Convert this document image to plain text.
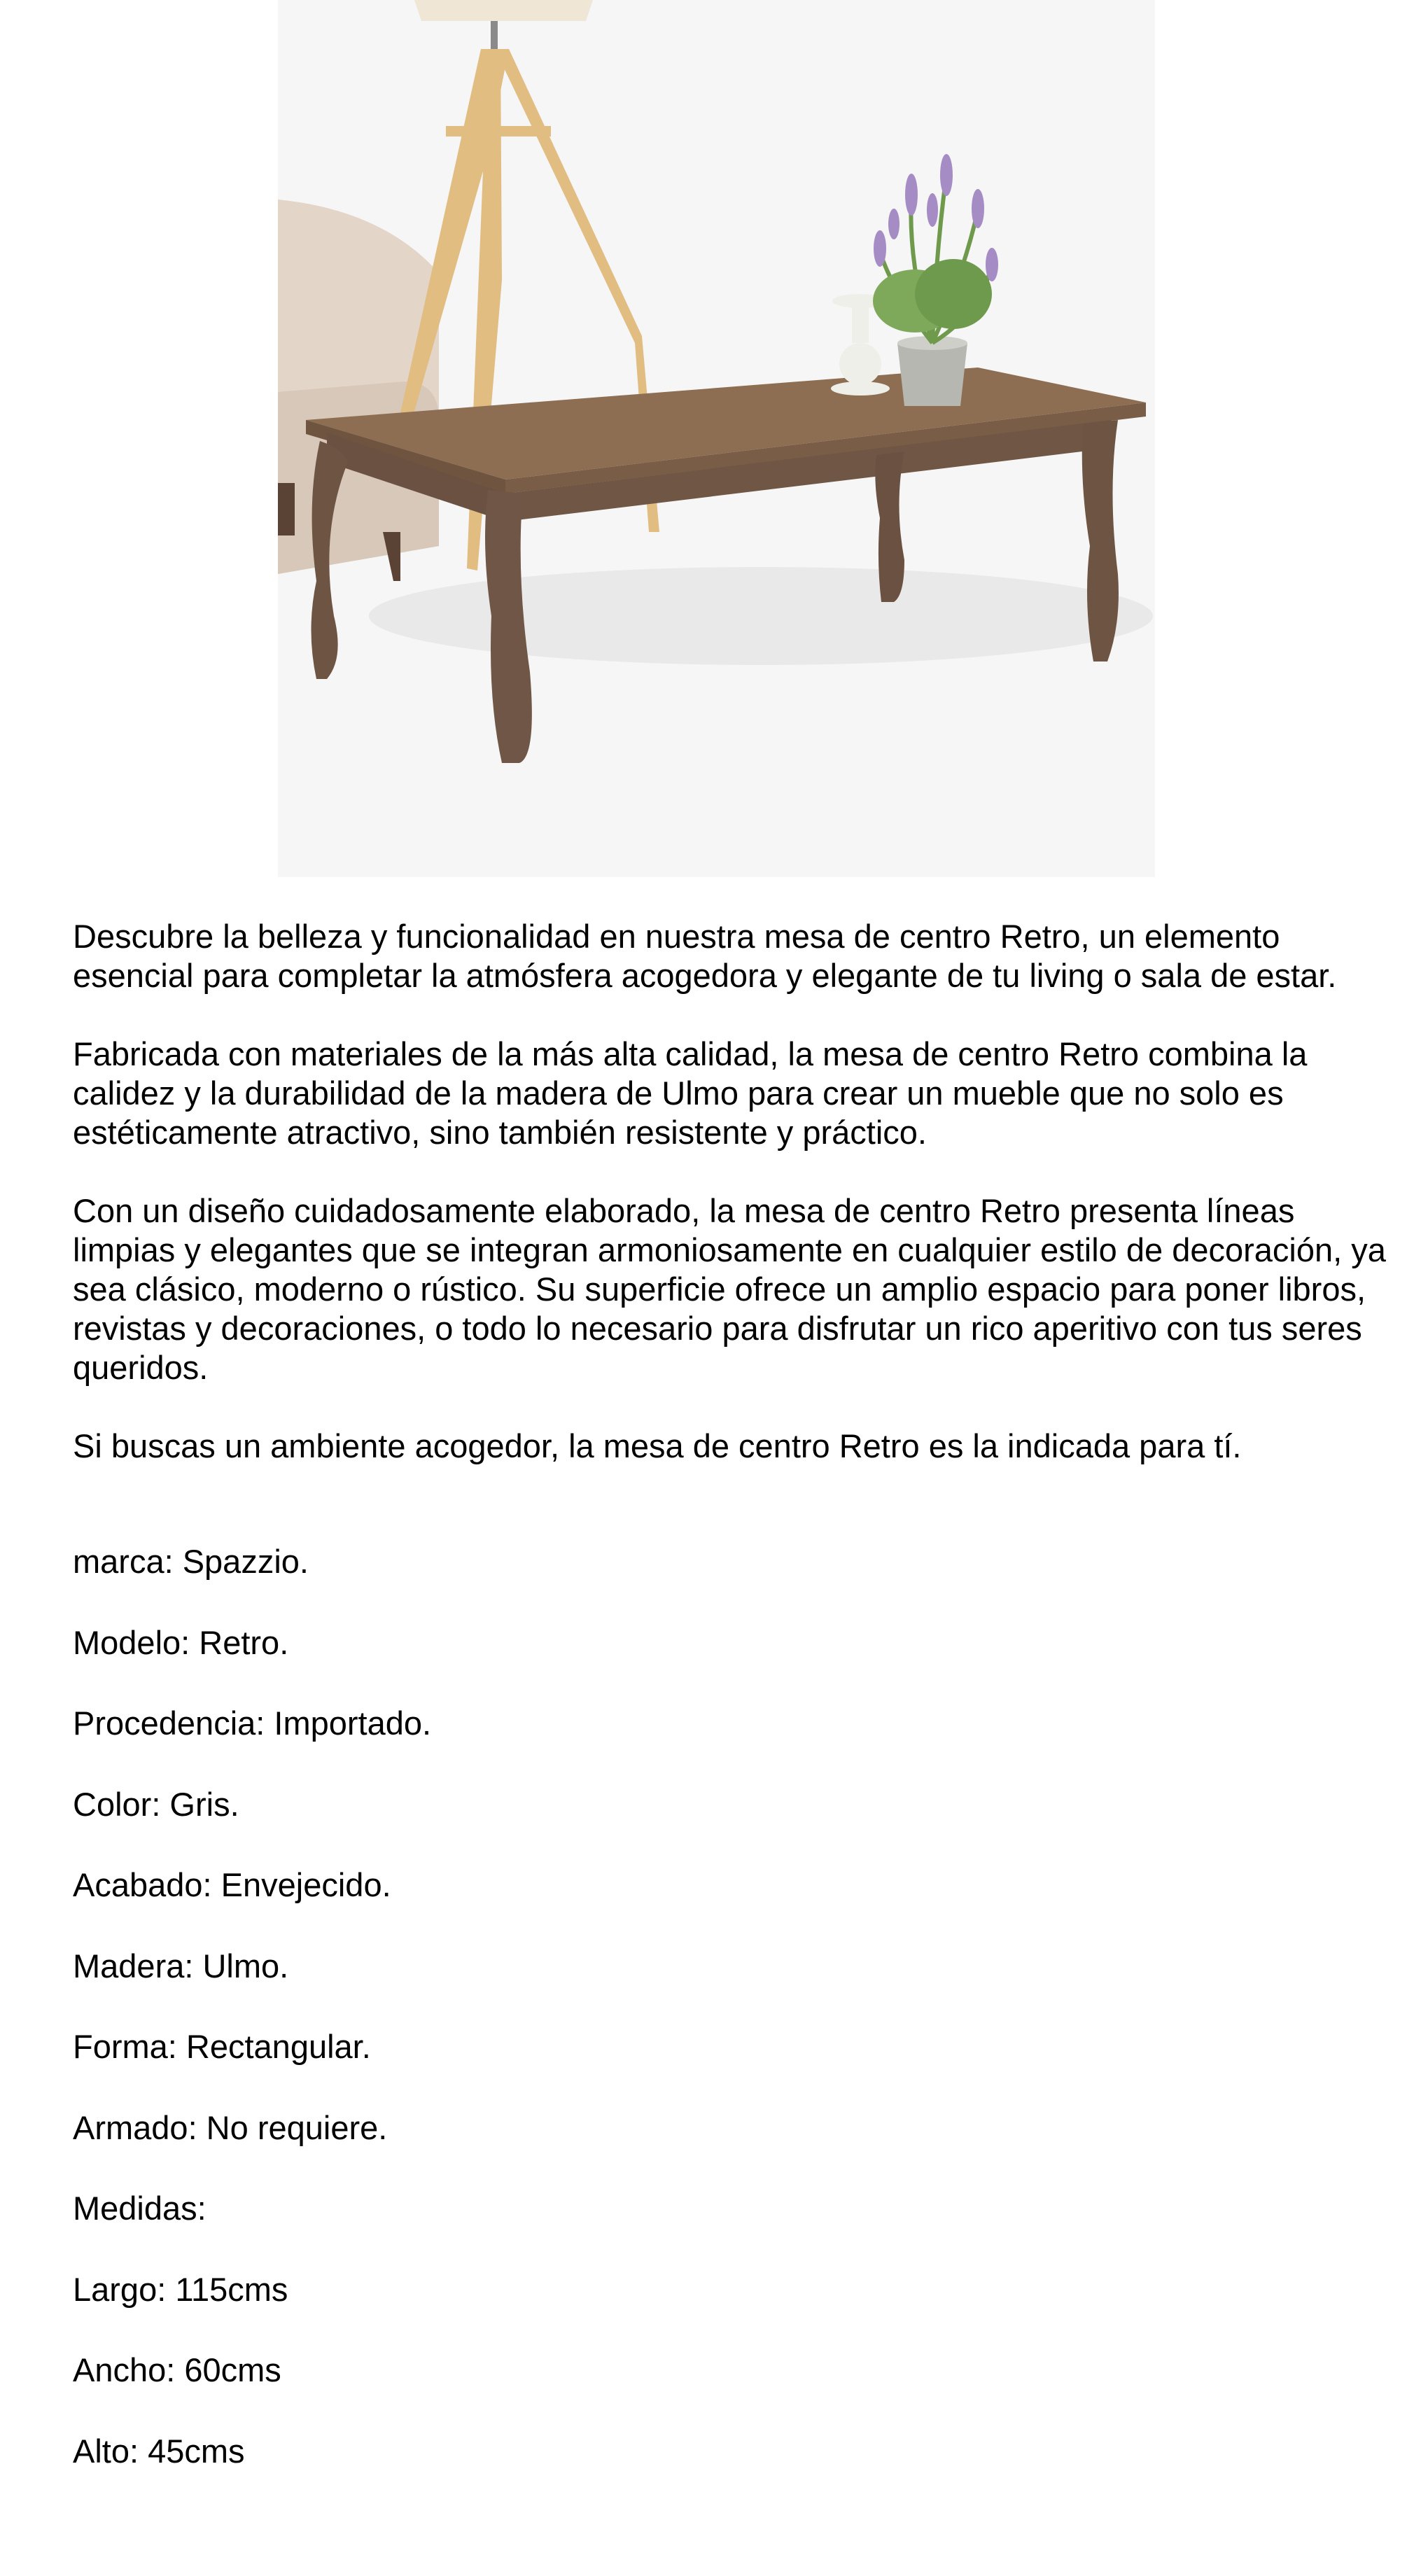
Descubre la belleza y funcionalidad en nuestra mesa de centro Retro, un elemento esencial para completar la atmósfera acogedora y elegante de tu living o sala de estar.

Fabricada con materiales de la más alta calidad, la mesa de centro Retro combina la calidez y la durabilidad de la madera de Ulmo para crear un mueble que no solo es estéticamente atractivo, sino también resistente y práctico.

Con un diseño cuidadosamente elaborado, la mesa de centro Retro presenta líneas limpias y elegantes que se integran armoniosamente en cualquier estilo de decoración, ya sea clásico, moderno o rústico. Su superficie ofrece un amplio espacio para poner libros, revistas y decoraciones, o todo lo necesario para disfrutar un rico aperitivo con tus seres queridos.

Si buscas un ambiente acogedor, la mesa de centro Retro es la indicada para tí.

marca: Spazzio.
Modelo: Retro.
Procedencia: Importado.
Color: Gris.
Acabado: Envejecido.
Madera: Ulmo.
Forma: Rectangular.
Armado: No requiere.
Medidas:
Largo: 115cms
Ancho: 60cms
Alto: 45cms
